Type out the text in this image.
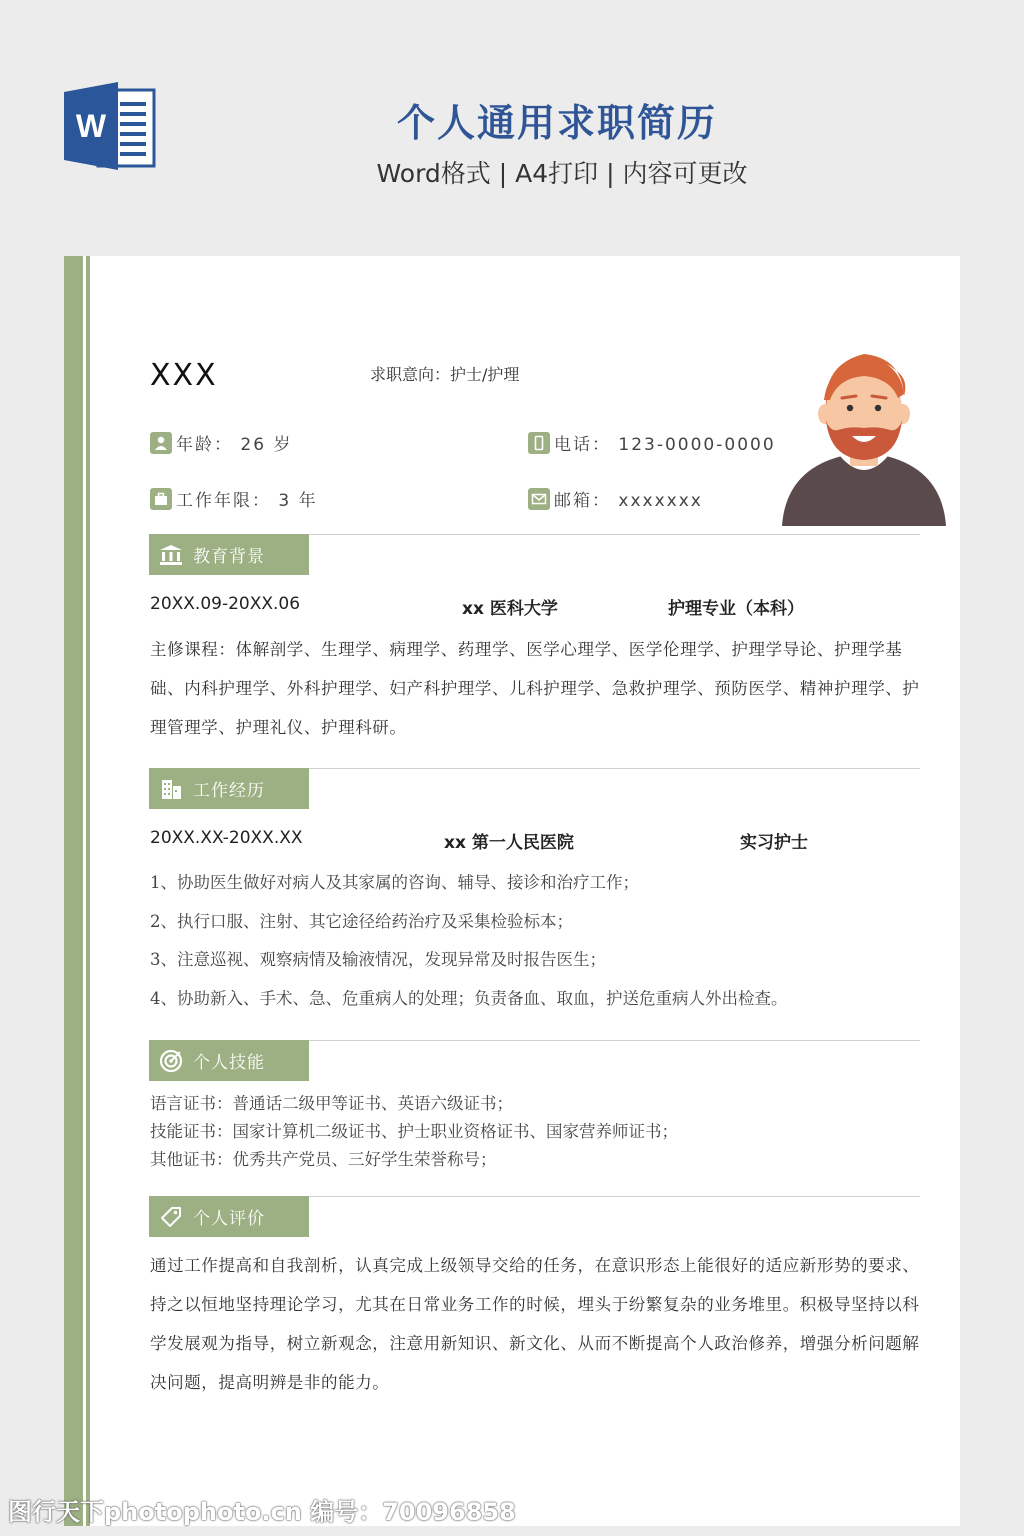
W	个人通用求职简历
Word格式 | A4打印 | 内容可更改
XXX	求职意向：护士/护理
年龄： 26 岁
工作年限： 3 年
电话： 123-0000-0000
邮箱： xxxxxxx
教育背景
20XX.09-20XX.06	xx 医科大学	护理专业（本科）
主修课程：体解剖学、生理学、病理学、药理学、医学心理学、医学伦理学、护理学导论、护理学基础、内科护理学、外科护理学、妇产科护理学、儿科护理学、急救护理学、预防医学、精神护理学、护理管理学、护理礼仪、护理科研。
工作经历
20XX.XX-20XX.XX	xx 第一人民医院	实习护士
1、协助医生做好对病人及其家属的咨询、辅导、接诊和治疗工作；
2、执行口服、注射、其它途径给药治疗及采集检验标本；
3、注意巡视、观察病情及输液情况，发现异常及时报告医生；
4、协助新入、手术、急、危重病人的处理；负责备血、取血，护送危重病人外出检查。
个人技能
语言证书：普通话二级甲等证书、英语六级证书；
技能证书：国家计算机二级证书、护士职业资格证书、国家营养师证书；
其他证书：优秀共产党员、三好学生荣誉称号；
个人评价
通过工作提高和自我剖析，认真完成上级领导交给的任务，在意识形态上能很好的适应新形势的要求、持之以恒地坚持理论学习，尤其在日常业务工作的时候，埋头于纷繁复杂的业务堆里。积极导坚持以科学发展观为指导，树立新观念，注意用新知识、新文化、从而不断提高个人政治修养，增强分析问题解决问题，提高明辨是非的能力。
图行天下photophoto.cn 编号：70096858
